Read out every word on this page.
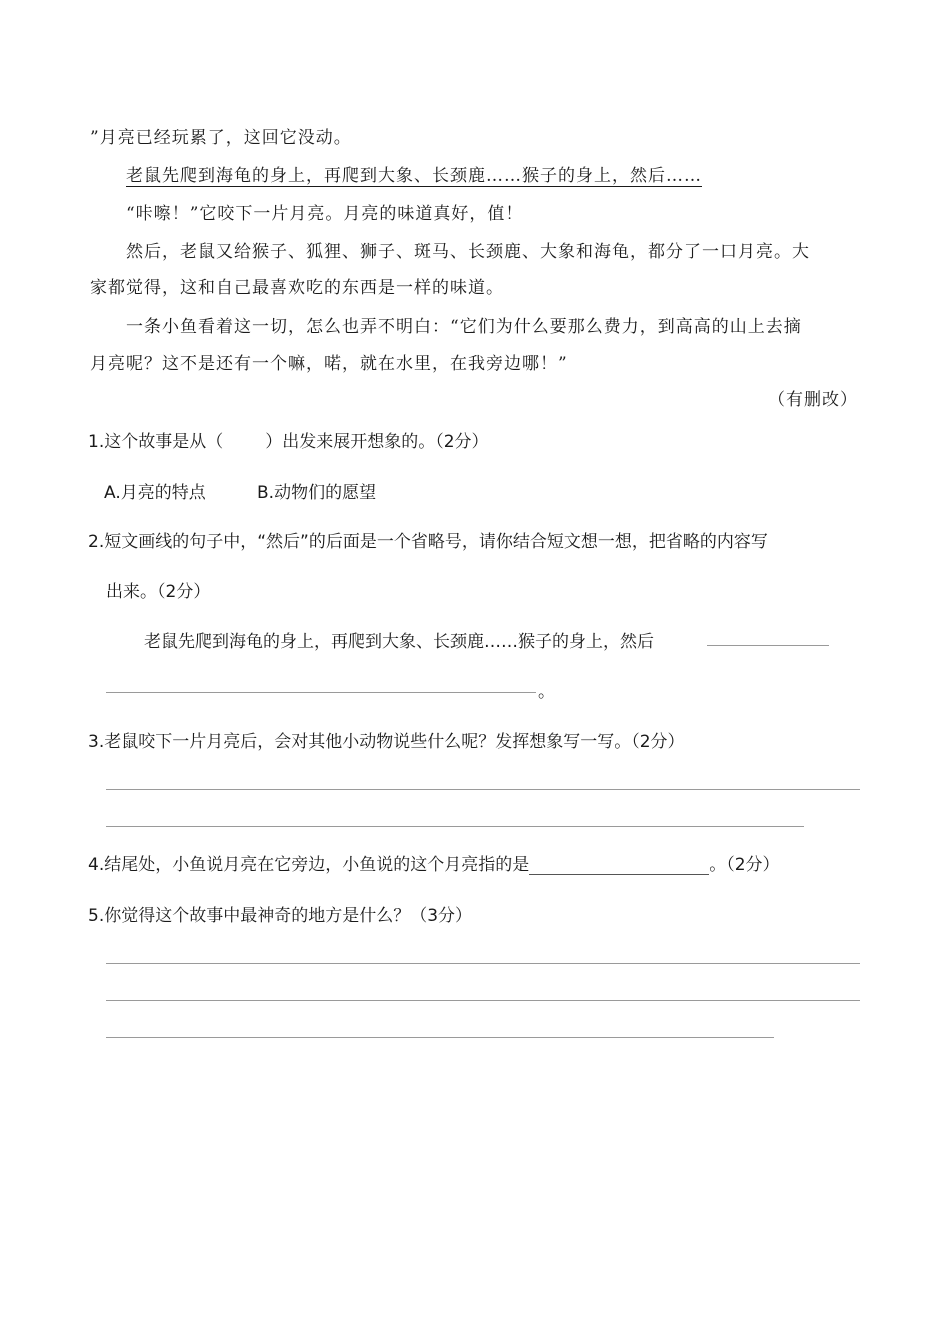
”月亮已经玩累了，这回它没动。
老鼠先爬到海龟的身上，再爬到大象、长颈鹿……猴子的身上，然后……
“咔嚓！”它咬下一片月亮。月亮的味道真好，值！
然后，老鼠又给猴子、狐狸、狮子、斑马、长颈鹿、大象和海龟，都分了一口月亮。大
家都觉得，这和自己最喜欢吃的东西是一样的味道。
一条小鱼看着这一切，怎么也弄不明白：“它们为什么要那么费力，到高高的山上去摘
月亮呢？这不是还有一个嘛，喏，就在水里，在我旁边哪！”
（有删改）
1.这个故事是从（ ）出发来展开想象的。（2分）
A.月亮的特点	B.动物们的愿望
2.短文画线的句子中，“然后”的后面是一个省略号，请你结合短文想一想，把省略的内容写
出来。（2分）
老鼠先爬到海龟的身上，再爬到大象、长颈鹿……猴子的身上，然后
。
3.老鼠咬下一片月亮后，会对其他小动物说些什么呢？发挥想象写一写。（2分）
4.结尾处，小鱼说月亮在它旁边，小鱼说的这个月亮指的是	。（2分）
5.你觉得这个故事中最神奇的地方是什么？（3分）
